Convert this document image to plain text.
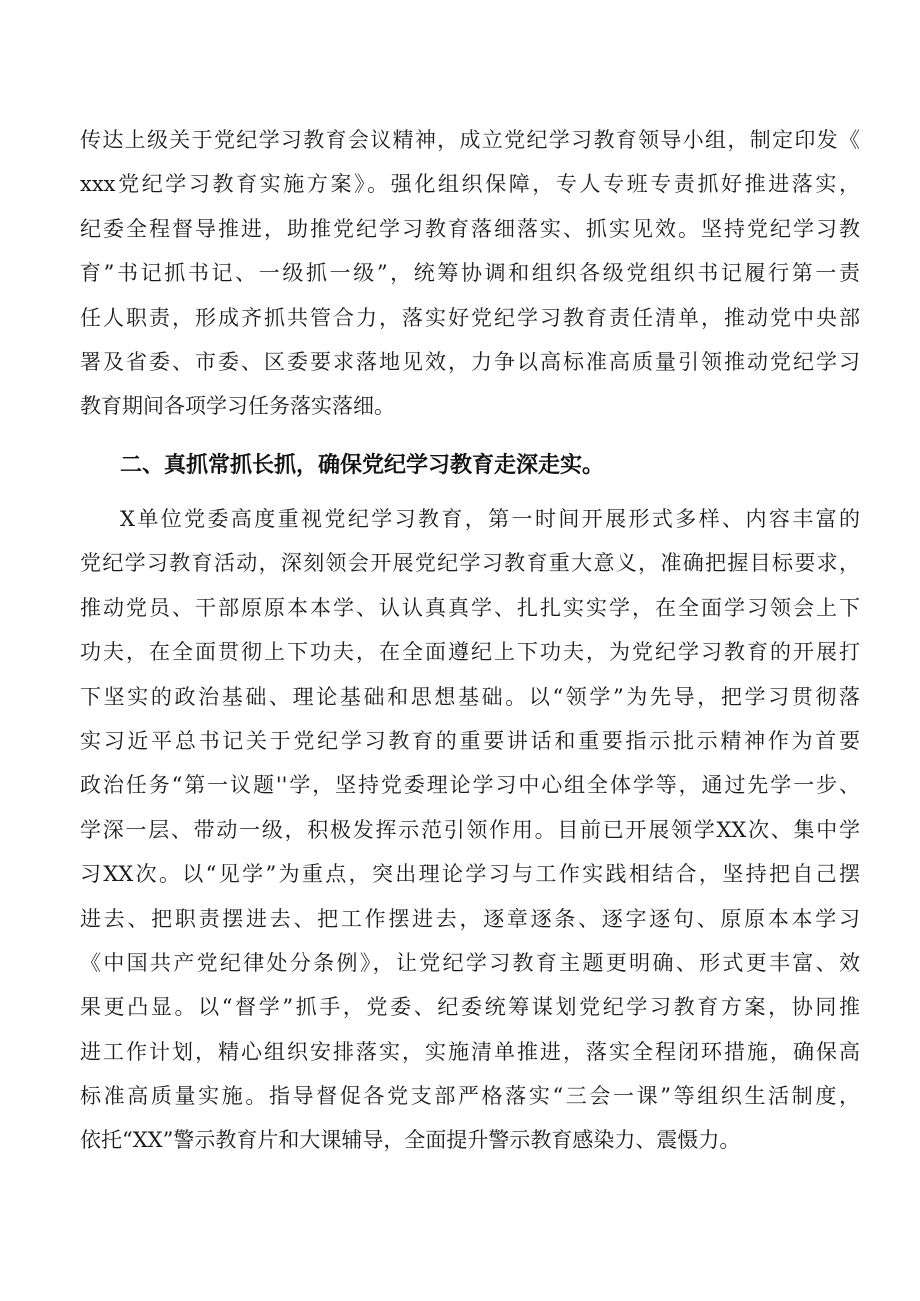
传达上级关于党纪学习教育会议精神，成立党纪学习教育领导小组，制定印发《
xxx党纪学习教育实施方案》。强化组织保障，专人专班专责抓好推进落实，
纪委全程督导推进，助推党纪学习教育落细落实、抓实见效。坚持党纪学习教
育”书记抓书记、一级抓一级”，统筹协调和组织各级党组织书记履行第一责
任人职责，形成齐抓共管合力，落实好党纪学习教育责任清单，推动党中央部
署及省委、市委、区委要求落地见效，力争以高标准高质量引领推动党纪学习
教育期间各项学习任务落实落细。
二、真抓常抓长抓，确保党纪学习教育走深走实。
X单位党委高度重视党纪学习教育，第一时间开展形式多样、内容丰富的
党纪学习教育活动，深刻领会开展党纪学习教育重大意义，准确把握目标要求，
推动党员、干部原原本本学、认认真真学、扎扎实实学，在全面学习领会上下
功夫，在全面贯彻上下功夫，在全面遵纪上下功夫，为党纪学习教育的开展打
下坚实的政治基础、理论基础和思想基础。以“领学”为先导，把学习贯彻落
实习近平总书记关于党纪学习教育的重要讲话和重要指示批示精神作为首要
政治任务“第一议题''学，坚持党委理论学习中心组全体学等，通过先学一步、
学深一层、带动一级，积极发挥示范引领作用。目前已开展领学XX次、集中学
习XX次。以“见学”为重点，突出理论学习与工作实践相结合，坚持把自己摆
进去、把职责摆进去、把工作摆进去，逐章逐条、逐字逐句、原原本本学习
《中国共产党纪律处分条例》，让党纪学习教育主题更明确、形式更丰富、效
果更凸显。以“督学”抓手，党委、纪委统筹谋划党纪学习教育方案，协同推
进工作计划，精心组织安排落实，实施清单推进，落实全程闭环措施，确保高
标准高质量实施。指导督促各党支部严格落实“三会一课”等组织生活制度，
依托“XX”警示教育片和大课辅导，全面提升警示教育感染力、震慑力。
